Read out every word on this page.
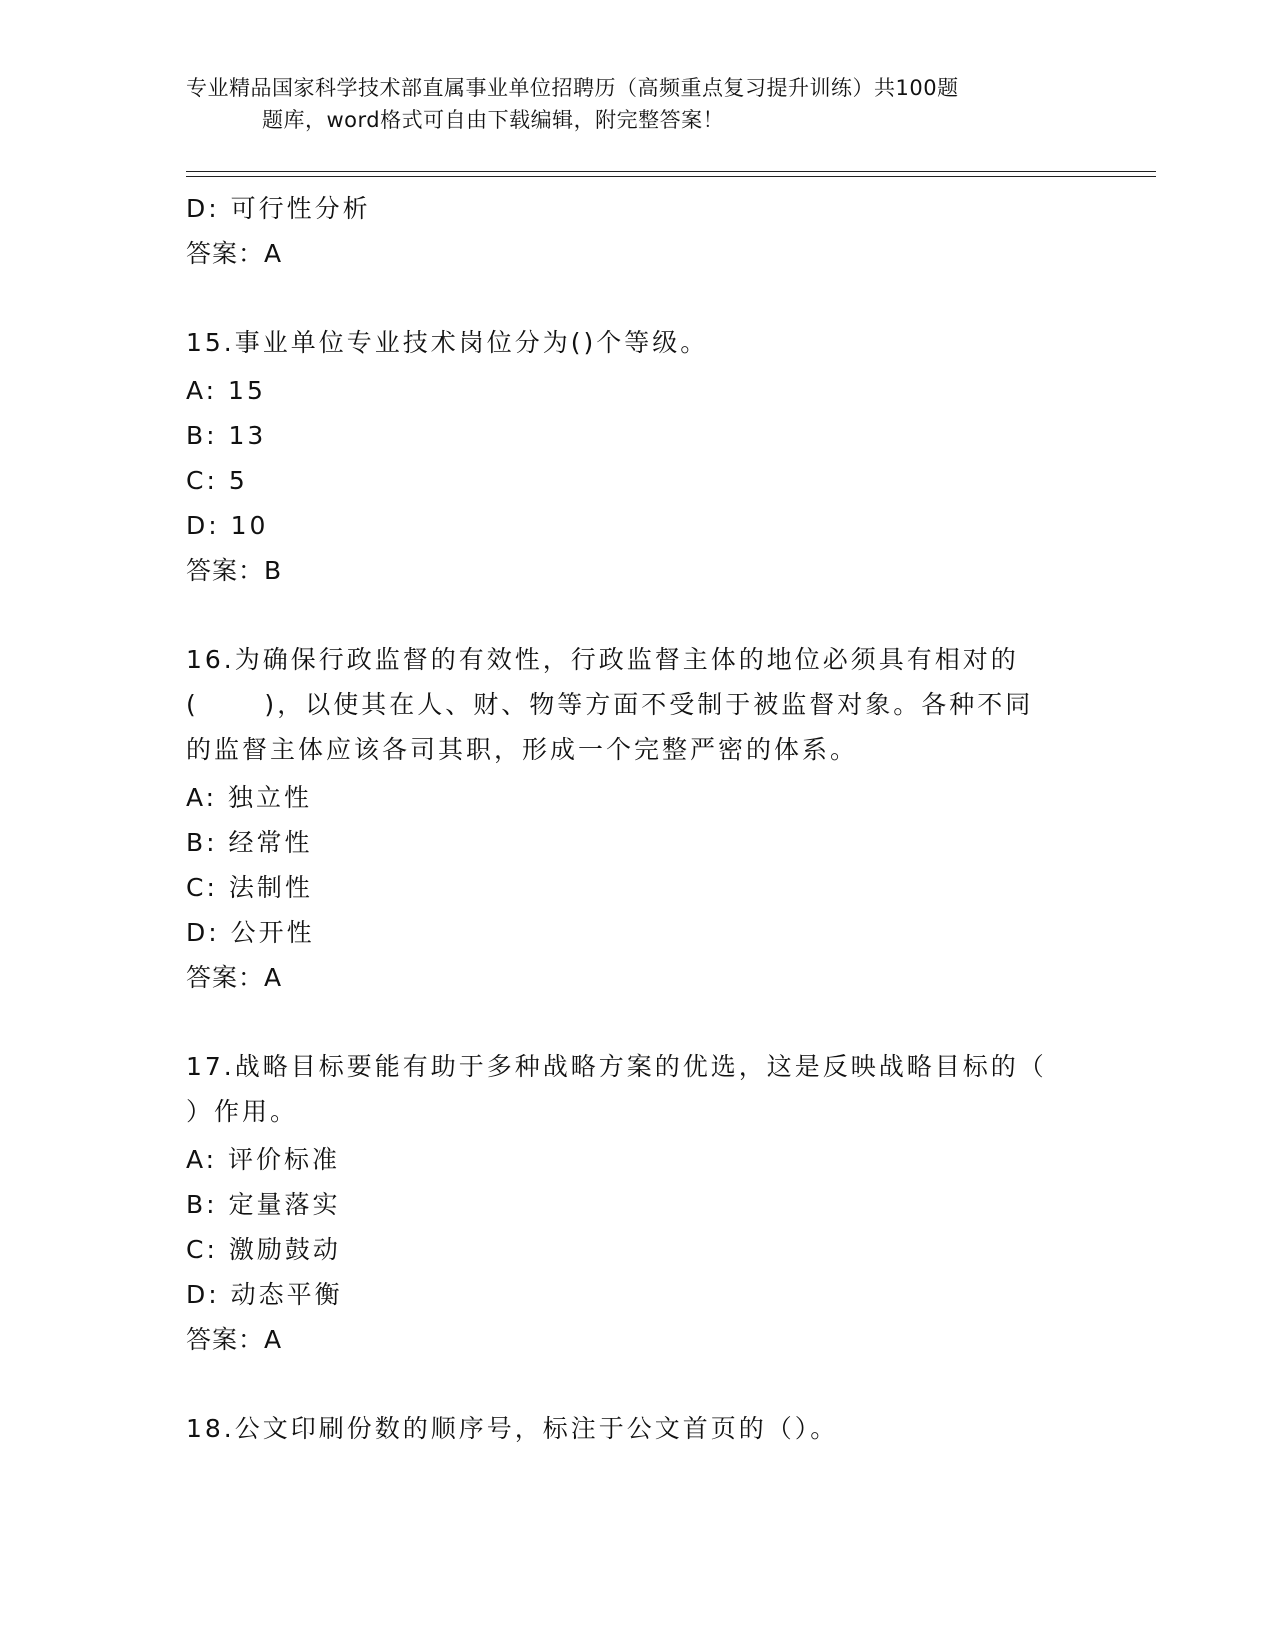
专业精品国家科学技术部直属事业单位招聘历（高频重点复习提升训练）共100题
题库，word格式可自由下载编辑，附完整答案！
D: 可行性分析
答案：A
15.事业单位专业技术岗位分为()个等级。
A: 15
B: 13
C: 5
D: 10
答案：B
16.为确保行政监督的有效性，行政监督主体的地位必须具有相对的
(      )，以使其在人、财、物等方面不受制于被监督对象。各种不同
的监督主体应该各司其职，形成一个完整严密的体系。
A: 独立性
B: 经常性
C: 法制性
D: 公开性
答案：A
17.战略目标要能有助于多种战略方案的优选，这是反映战略目标的（
）作用。
A: 评价标准
B: 定量落实
C: 激励鼓动
D: 动态平衡
答案：A
18.公文印刷份数的顺序号，标注于公文首页的（）。
